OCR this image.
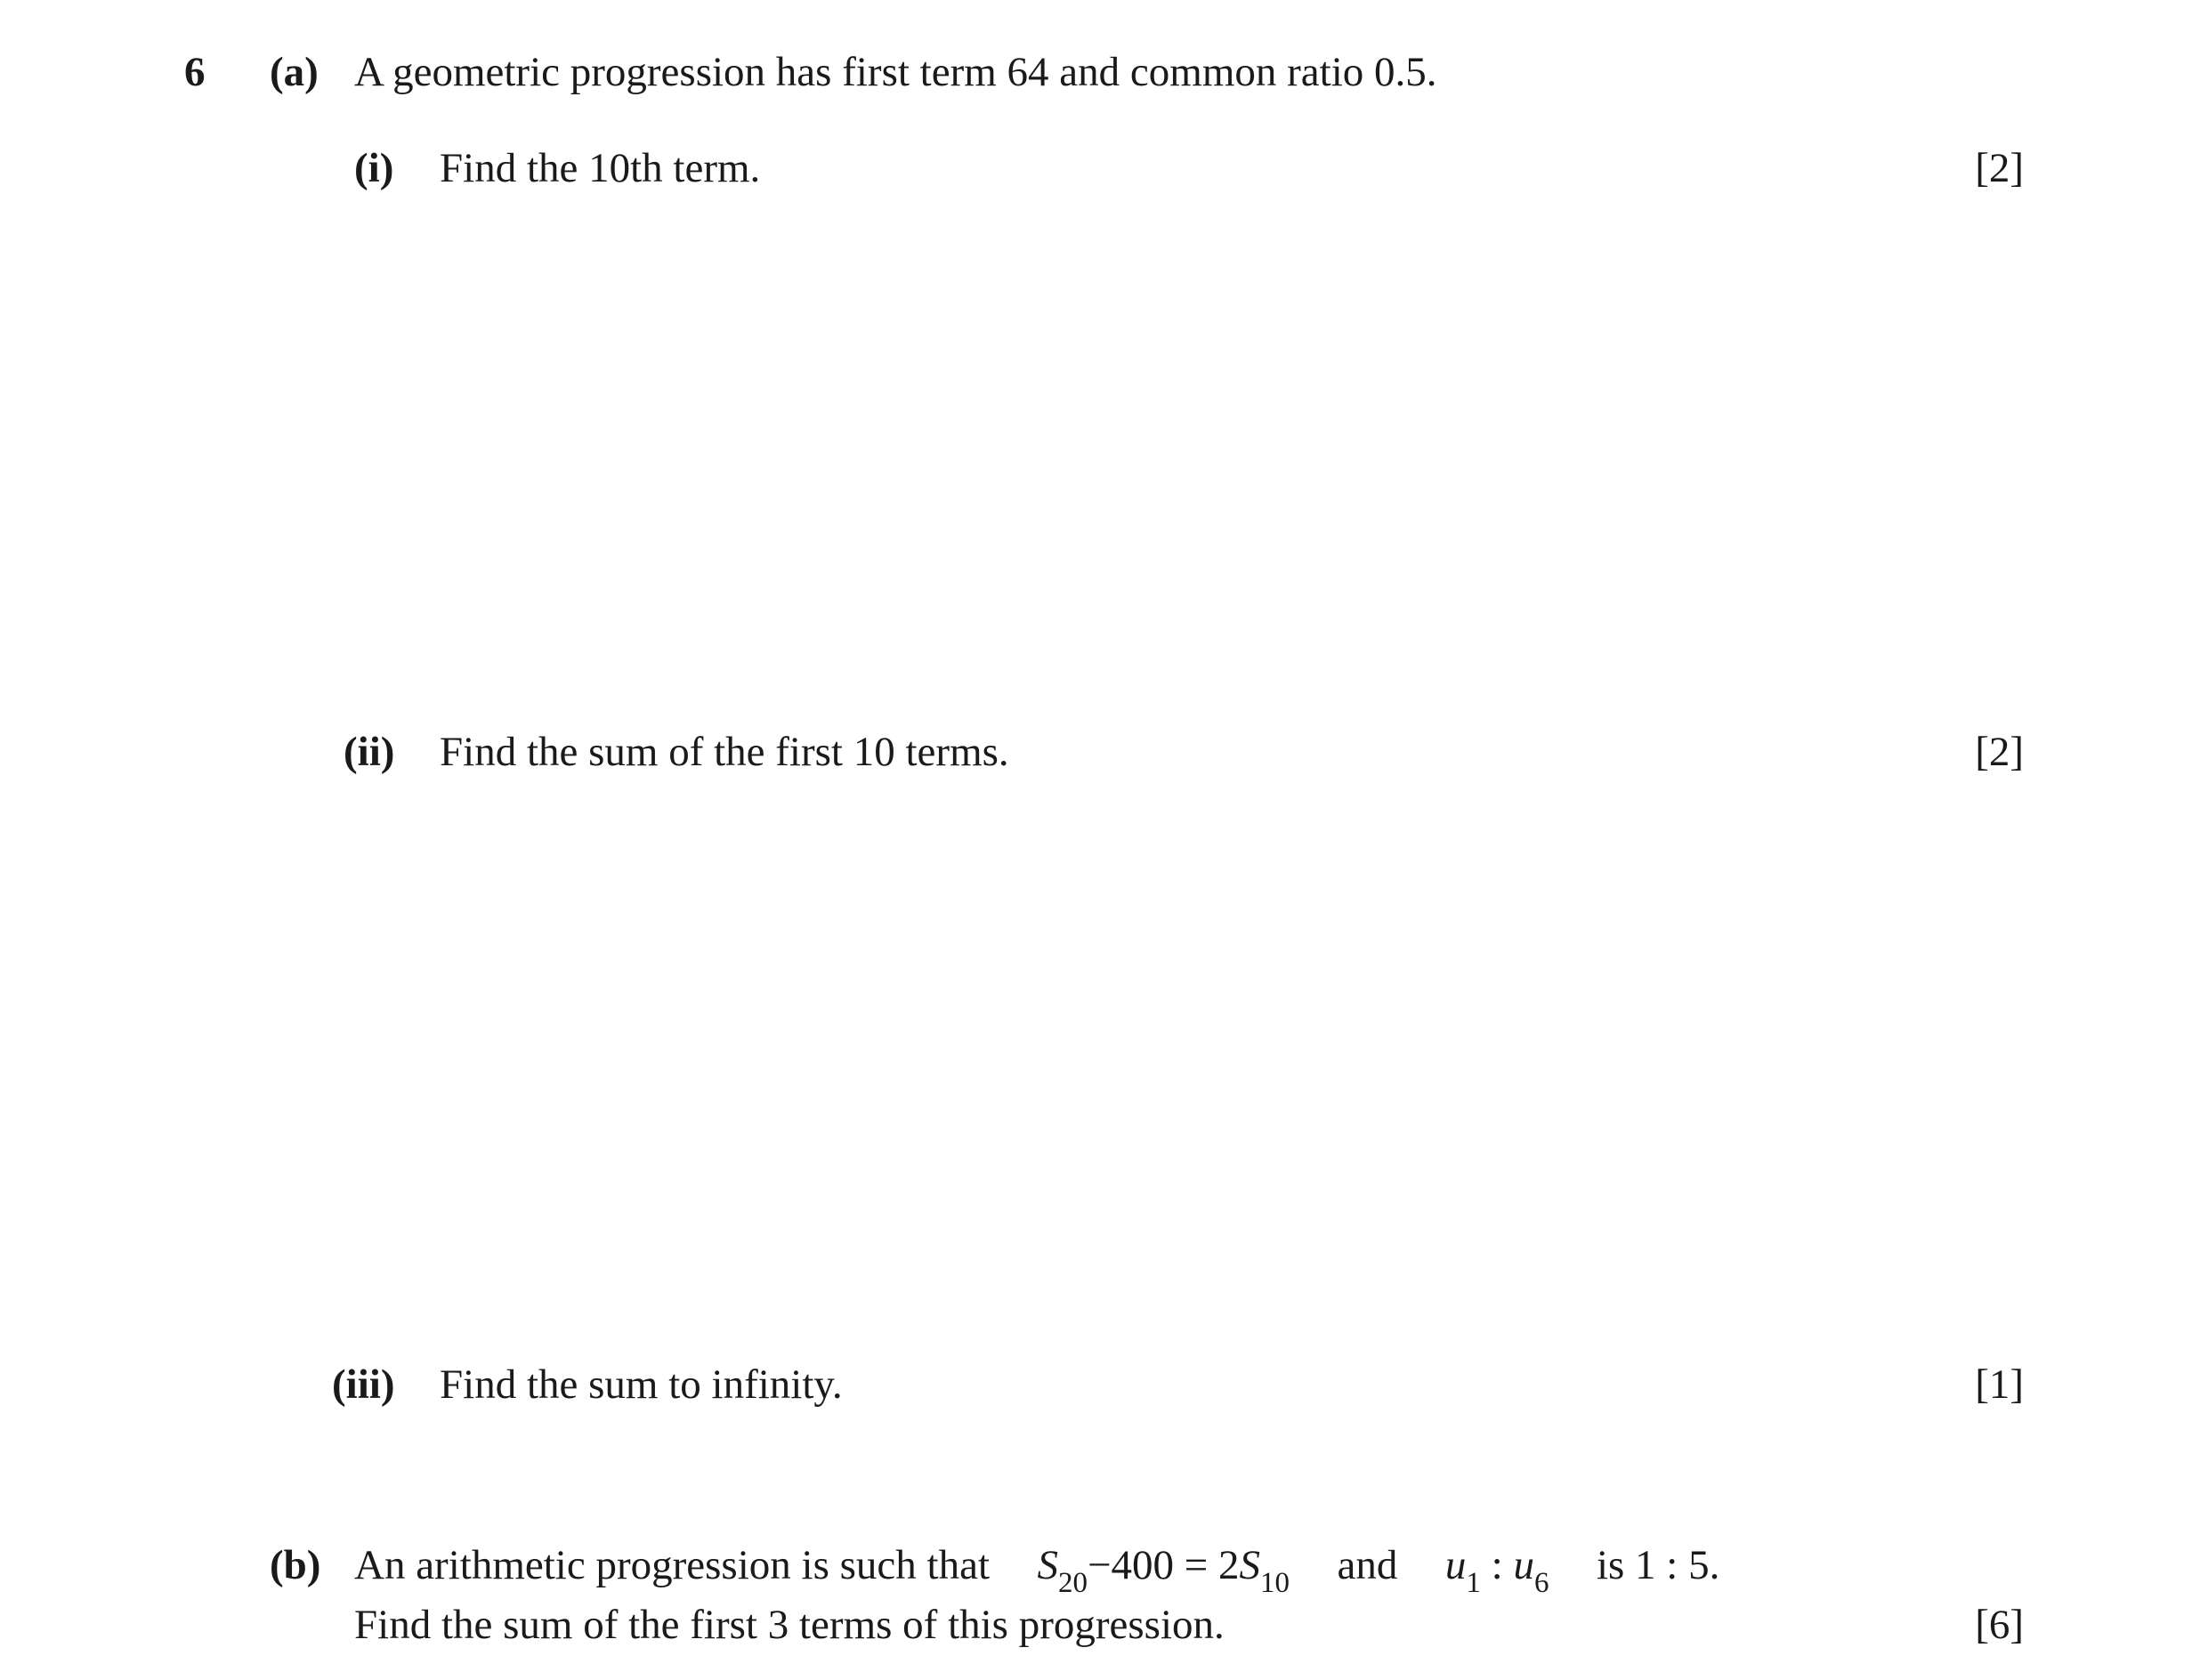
6 (a) A geometric progression has first term 64 and common ratio 0.5.
(i) Find the 10th term.	[2]
(ii) Find the sum of the first 10 terms.	[2]
(iii) Find the sum to infinity.	[1]
(b) An arithmetic progression is such that $S_{20}-400 = 2S_{10}$ and $u_1$ : $u_6$ is 1 : 5.
Find the sum of the first 3 terms of this progression.	[6]
